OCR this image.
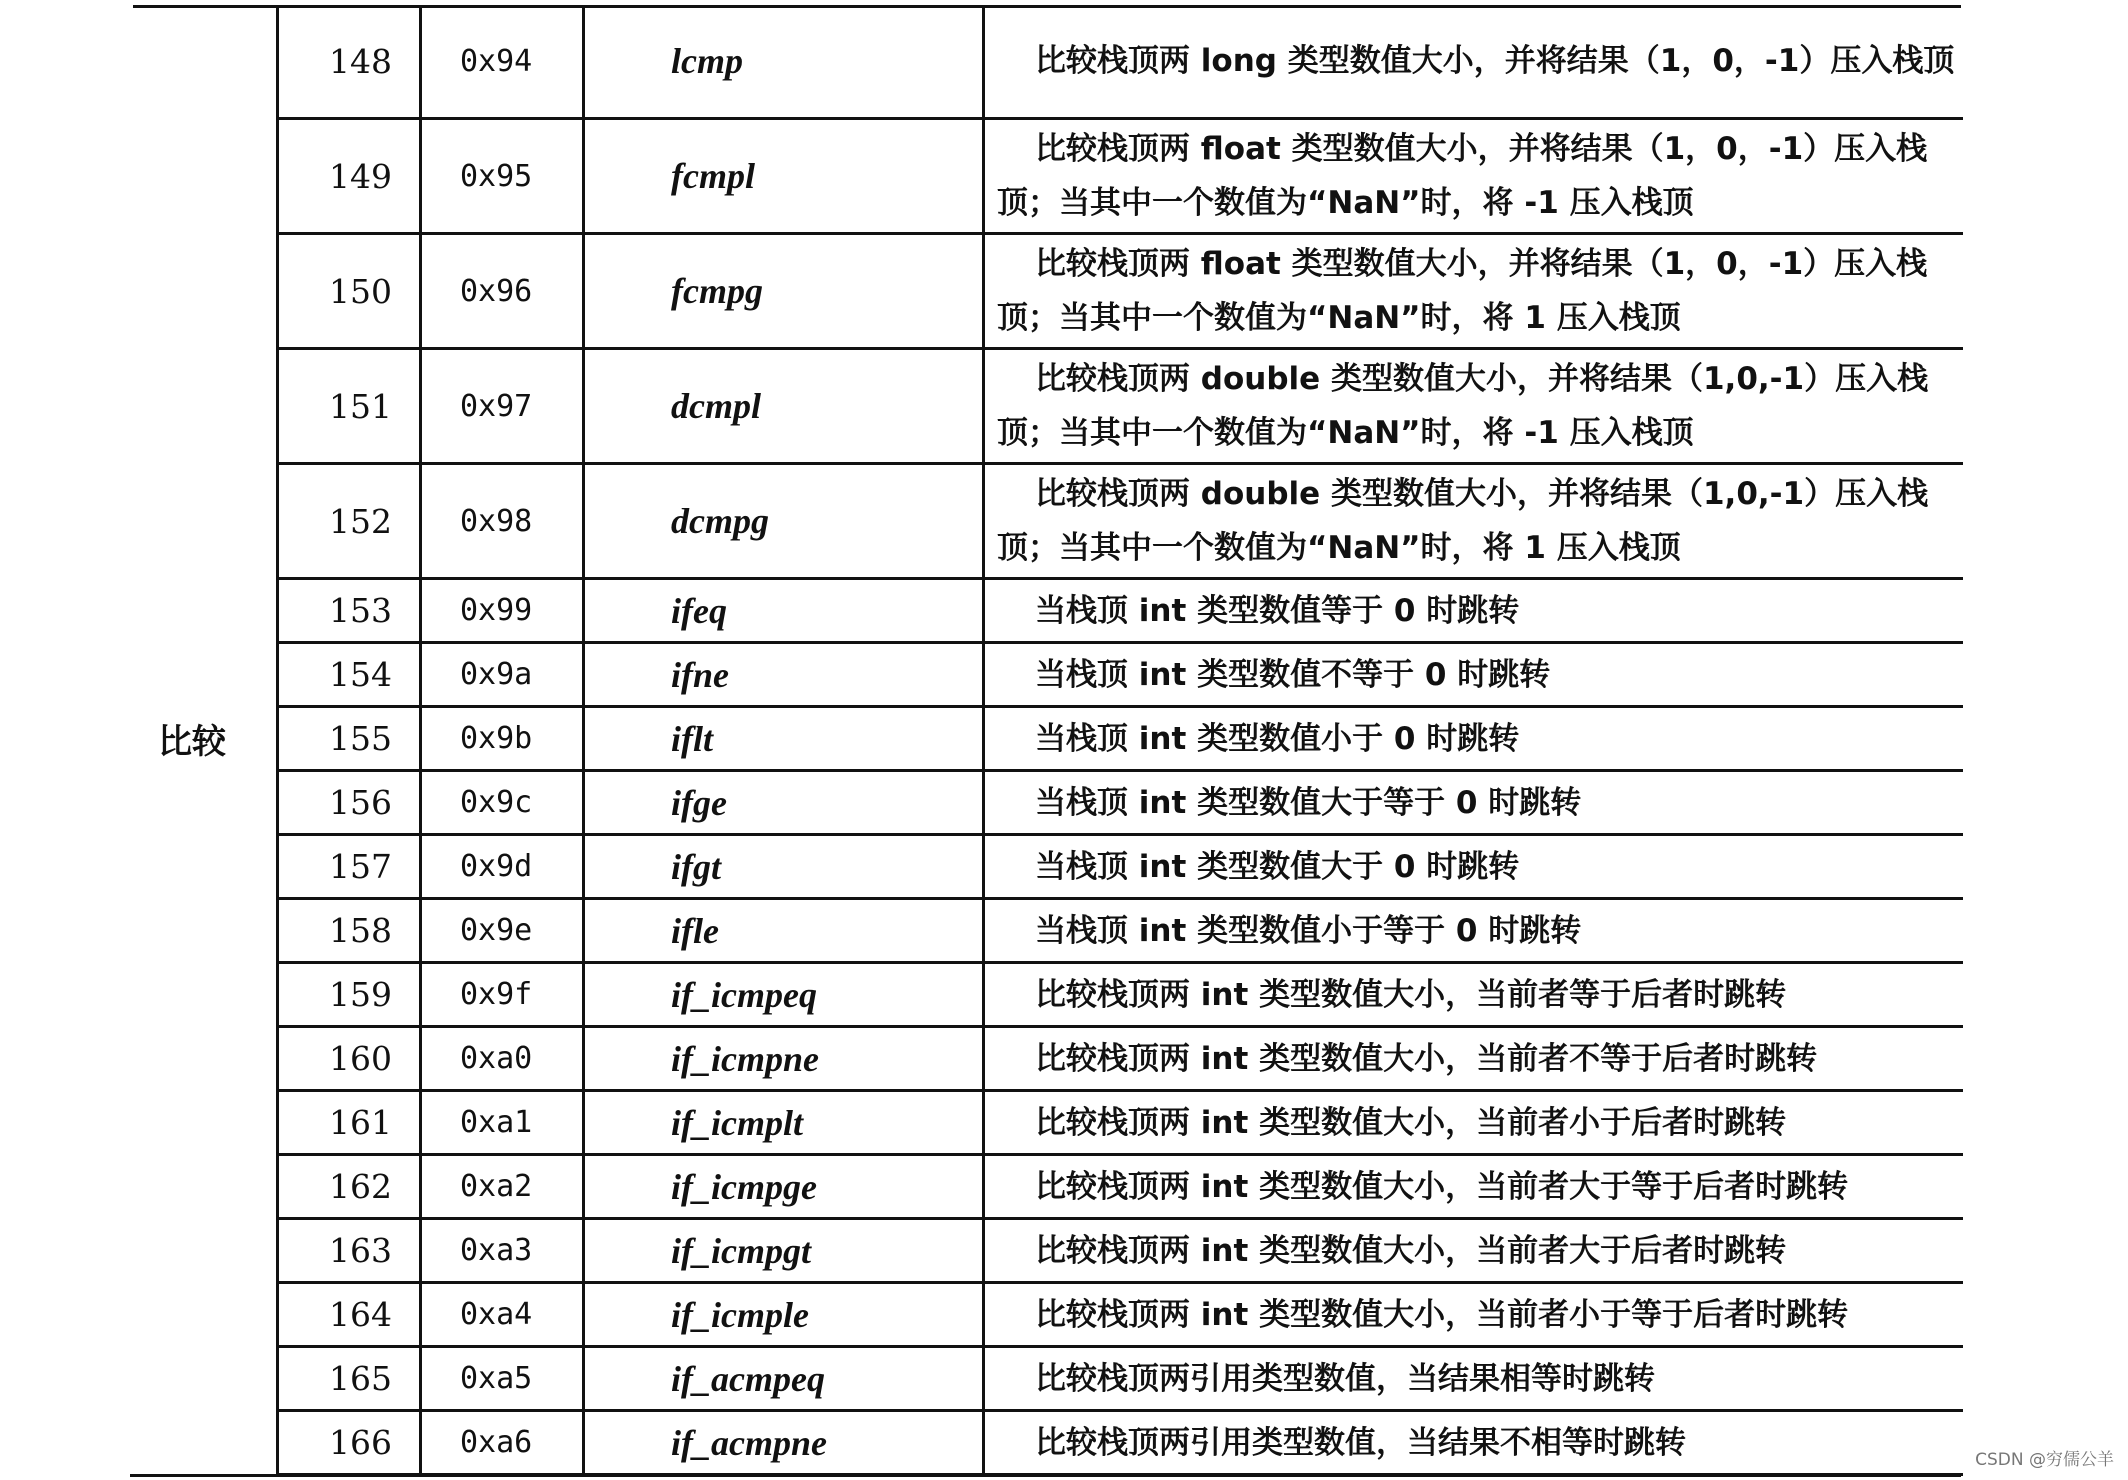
比较
148	0x94	lcmp	比较栈顶两 long 类型数值大小，并将结果（1，0，-1）压入栈顶

149	0x95	fcmpl	比较栈顶两 float 类型数值大小，并将结果（1，0，-1）压入栈顶；当其中一个数值为“NaN”时，将 -1 压入栈顶

150	0x96	fcmpg	比较栈顶两 float 类型数值大小，并将结果（1，0，-1）压入栈顶；当其中一个数值为“NaN”时，将 1 压入栈顶

151	0x97	dcmpl	比较栈顶两 double 类型数值大小，并将结果（1,0,-1）压入栈顶；当其中一个数值为“NaN”时，将 -1 压入栈顶

152	0x98	dcmpg	比较栈顶两 double 类型数值大小，并将结果（1,0,-1）压入栈顶；当其中一个数值为“NaN”时，将 1 压入栈顶

153	0x99	ifeq	当栈顶 int 类型数值等于 0 时跳转

154	0x9a	ifne	当栈顶 int 类型数值不等于 0 时跳转

155	0x9b	iflt	当栈顶 int 类型数值小于 0 时跳转

156	0x9c	ifge	当栈顶 int 类型数值大于等于 0 时跳转

157	0x9d	ifgt	当栈顶 int 类型数值大于 0 时跳转

158	0x9e	ifle	当栈顶 int 类型数值小于等于 0 时跳转

159	0x9f	if_icmpeq	比较栈顶两 int 类型数值大小，当前者等于后者时跳转

160	0xa0	if_icmpne	比较栈顶两 int 类型数值大小，当前者不等于后者时跳转

161	0xa1	if_icmplt	比较栈顶两 int 类型数值大小，当前者小于后者时跳转

162	0xa2	if_icmpge	比较栈顶两 int 类型数值大小，当前者大于等于后者时跳转

163	0xa3	if_icmpgt	比较栈顶两 int 类型数值大小，当前者大于后者时跳转

164	0xa4	if_icmple	比较栈顶两 int 类型数值大小，当前者小于等于后者时跳转

165	0xa5	if_acmpeq	比较栈顶两引用类型数值，当结果相等时跳转

166	0xa6	if_acmpne	比较栈顶两引用类型数值，当结果不相等时跳转	CSDN @穷儒公羊
